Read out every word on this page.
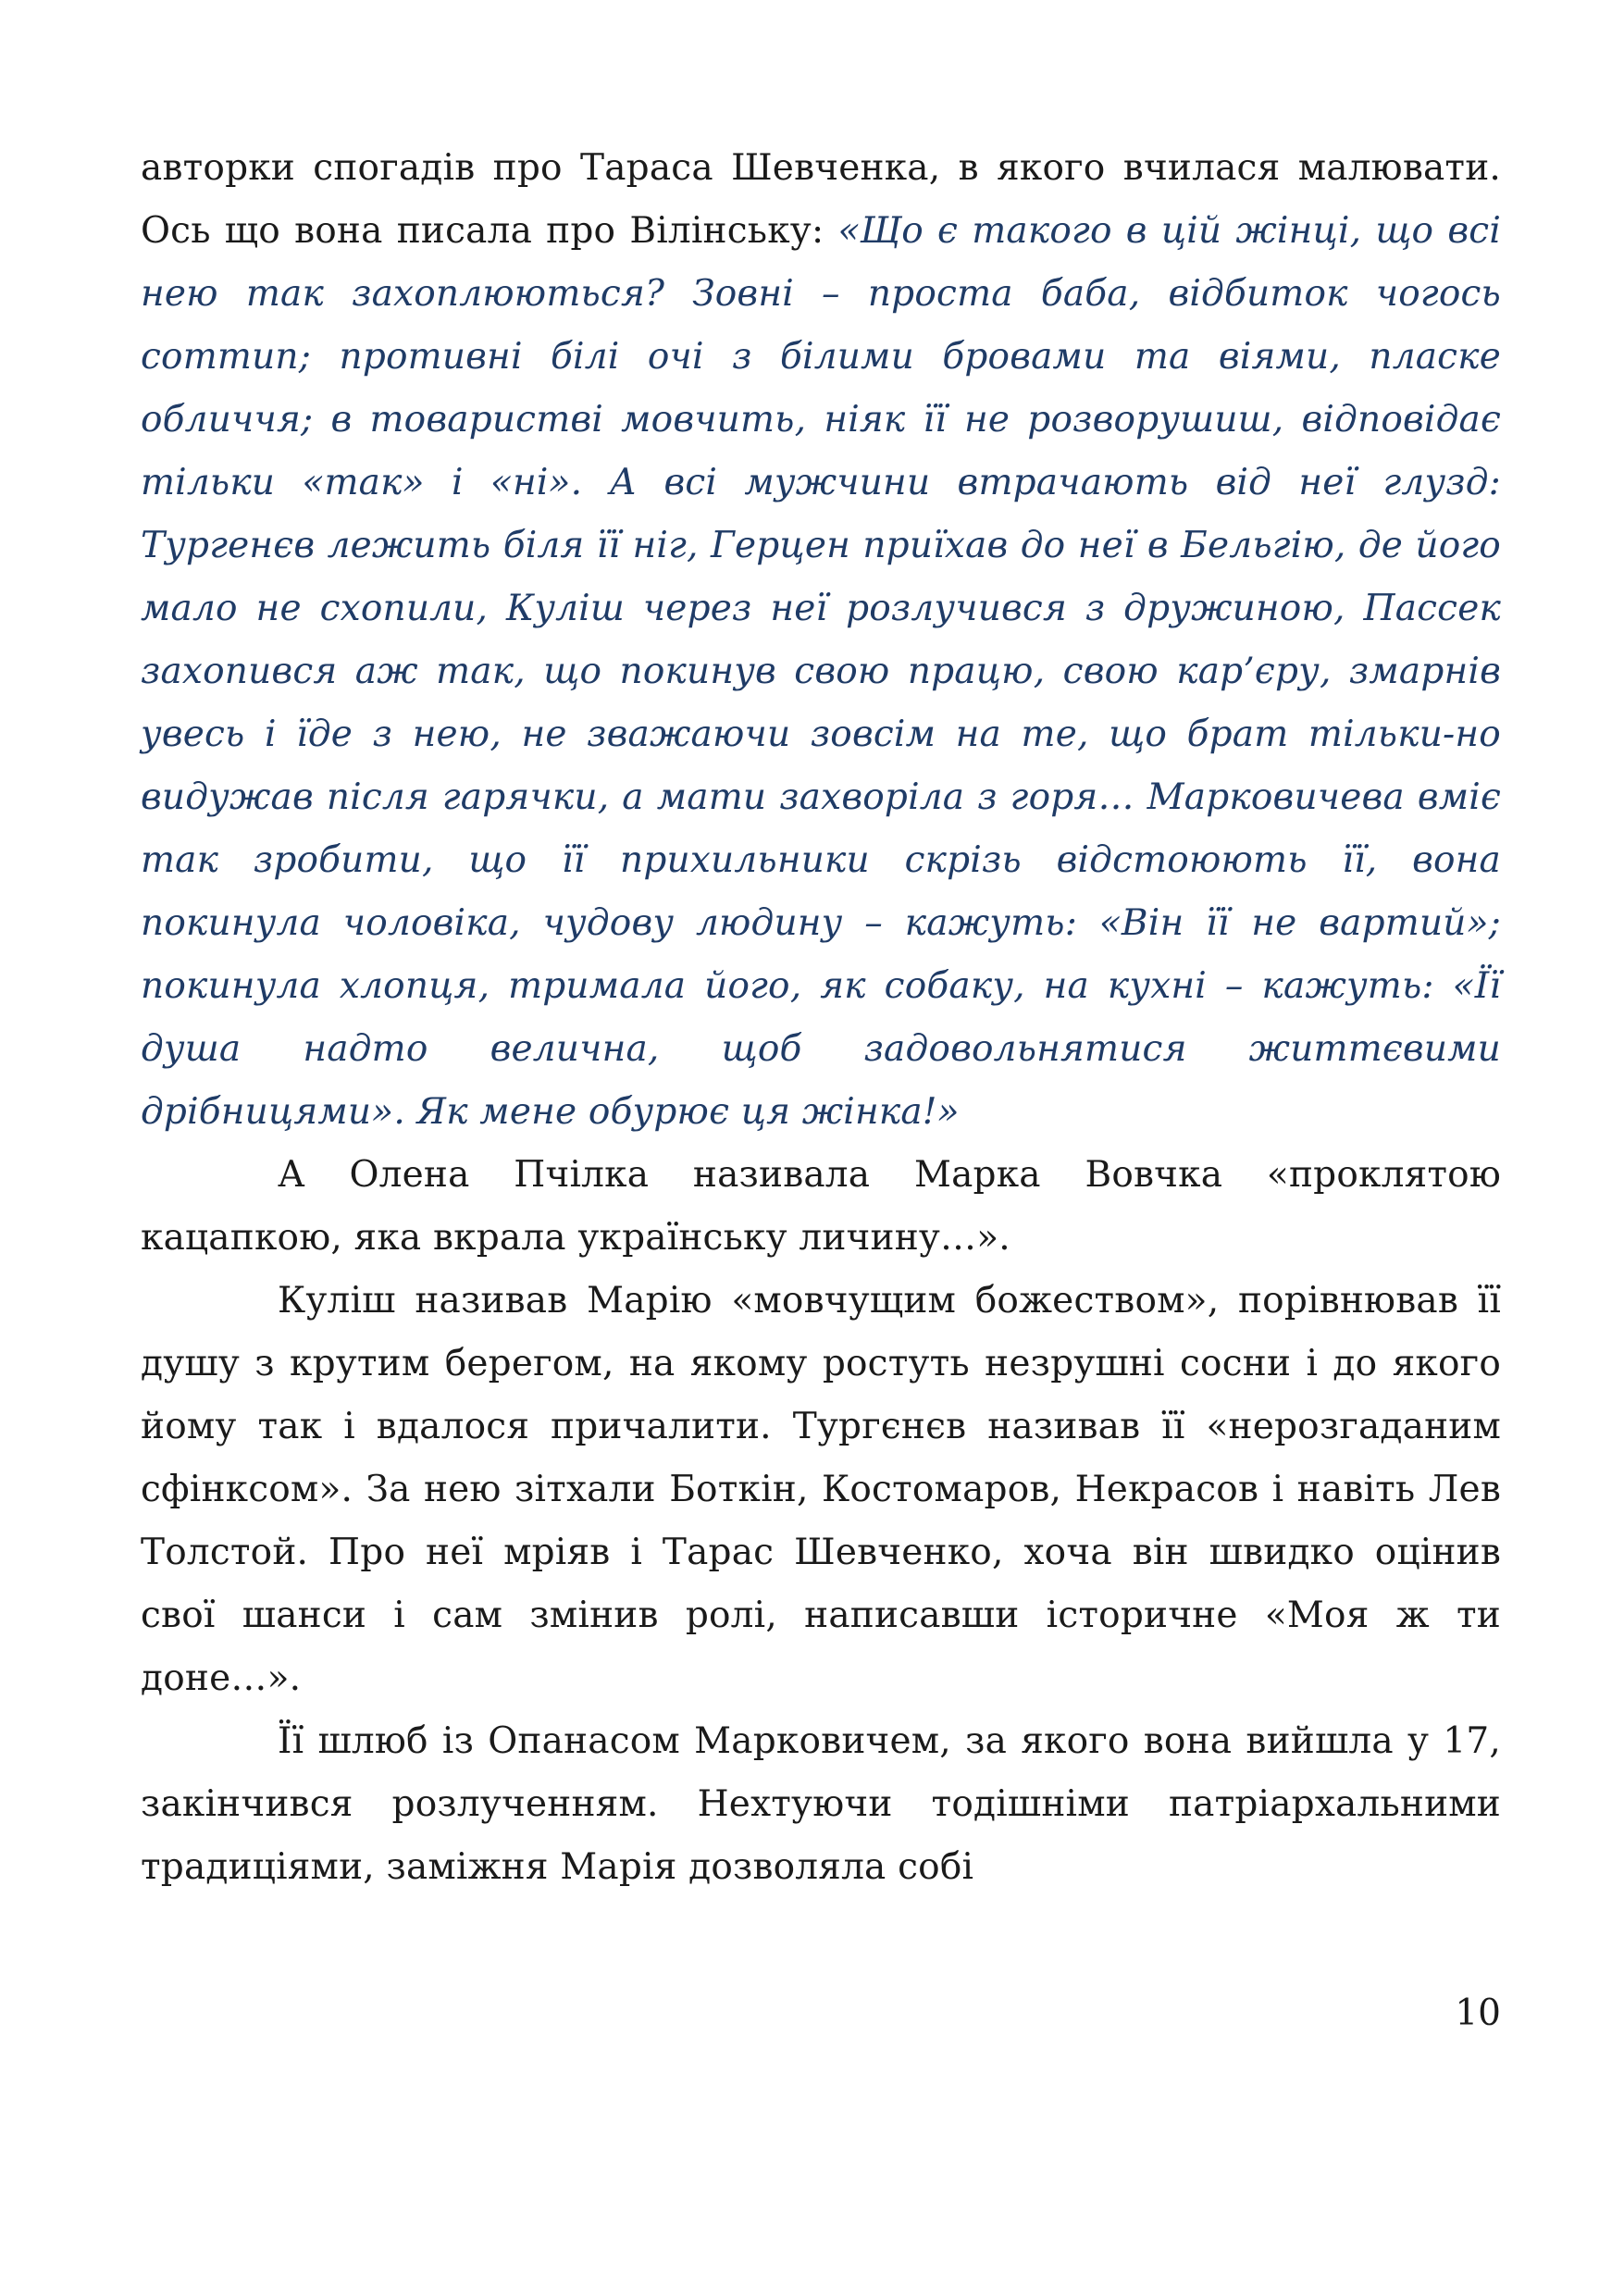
авторки спогадів про Тараса Шевченка, в якого вчилася малювати. Ось що вона писала про Вілінську: «Що є такого в цій жінці, що всі нею так захоплюються? Зовні – проста баба, відбиток чогось соттип; противні білі очі з білими бровами та віями, пласке обличчя; в товаристві мовчить, ніяк її не розворушиш, відповідає тільки «так» і «ні». А всі мужчини втрачають від неї глузд: Тургенєв лежить біля її ніг, Герцен приїхав до неї в Бельгію, де його мало не схопили, Куліш через неї розлучився з дружиною, Пассек захопився аж так, що покинув свою працю, свою кар’єру, змарнів увесь і їде з нею, не зважаючи зовсім на те, що брат тільки-но видужав після гарячки, а мати захворіла з горя… Марковичева вміє так зробити, що її прихильники скрізь відстоюють її, вона покинула чоловіка, чудову людину – кажуть: «Він її не вартий»; покинула хлопця, тримала його, як собаку, на кухні – кажуть: «Її душа надто велична, щоб задовольнятися життєвими дрібницями». Як мене обурює ця жінка!»

А Олена Пчілка називала Марка Вовчка «проклятою кацапкою, яка вкрала українську личину…».

Куліш називав Марію «мовчущим божеством», порівнював її душу з крутим берегом, на якому ростуть незрушні сосни і до якого йому так і вдалося причалити. Тургєнєв називав її «нерозгаданим сфінксом». За нею зітхали Боткін, Костомаров, Некрасов і навіть Лев Толстой. Про неї мріяв і Тарас Шевченко, хоча він швидко оцінив свої шанси і сам змінив ролі, написавши історичне «Моя ж ти доне…».

Її шлюб із Опанасом Марковичем, за якого вона вийшла у 17, закінчився розлученням. Нехтуючи тодішніми патріархальними традиціями, заміжня Марія дозволяла собі

10
